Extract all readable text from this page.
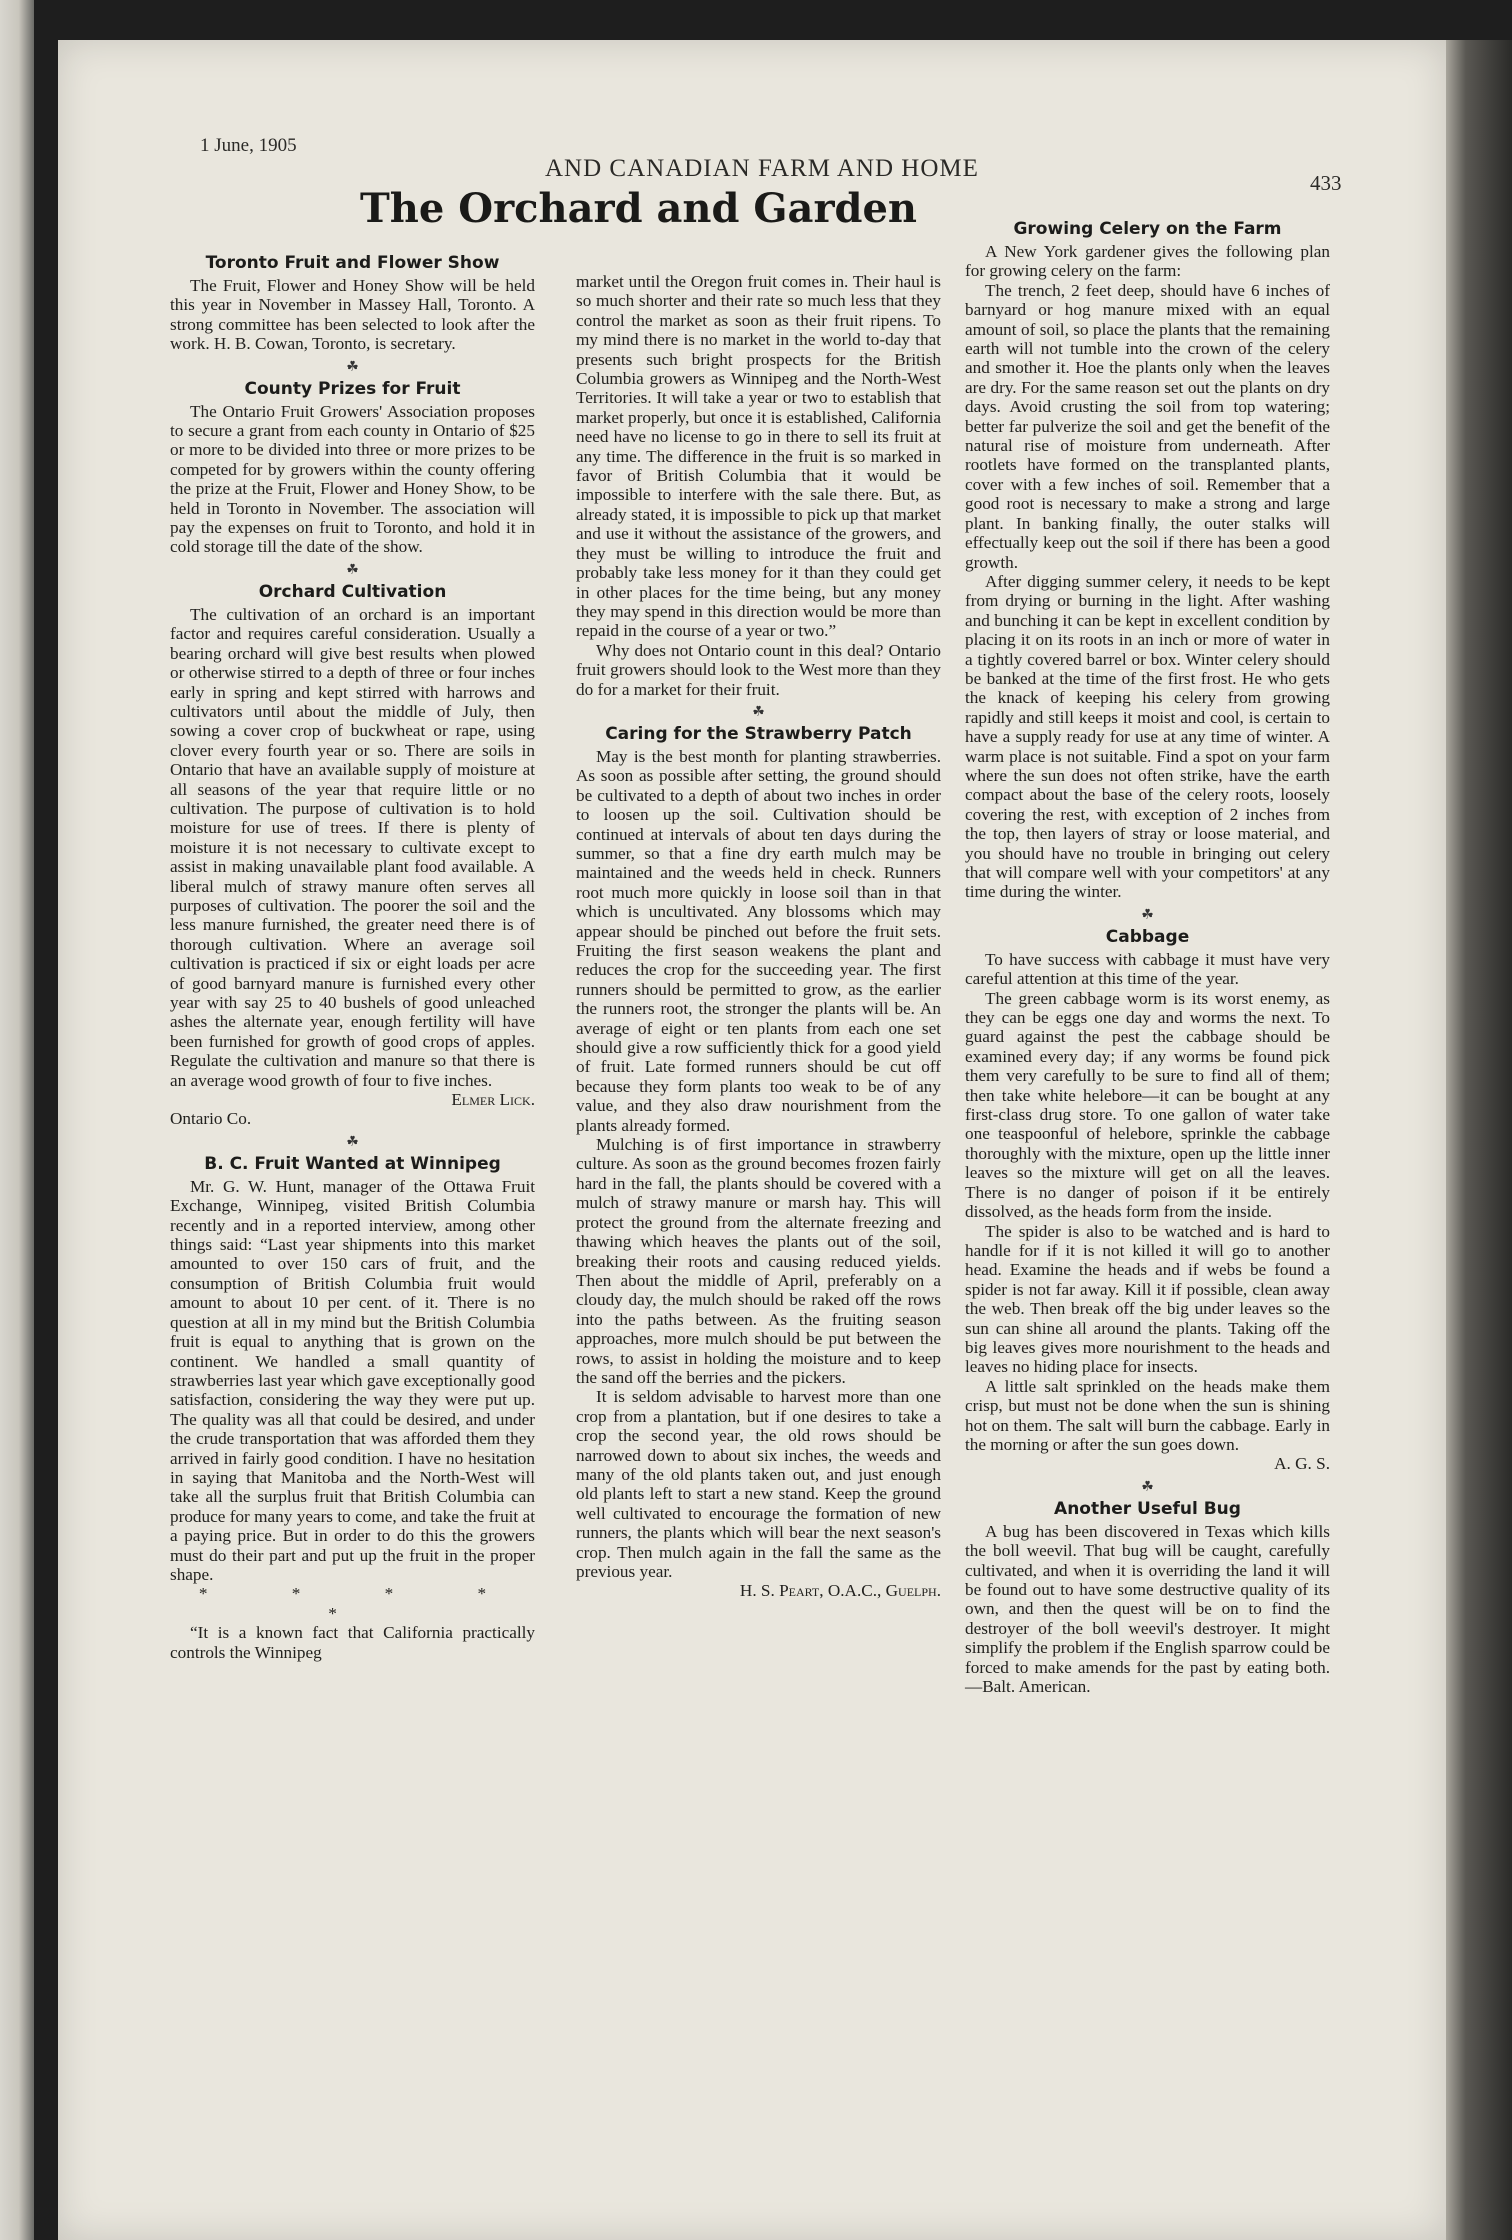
1 June, 1905
AND CANADIAN FARM AND HOME
433
The Orchard and Garden
Toronto Fruit and Flower Show

The Fruit, Flower and Honey Show will be held this year in November in Massey Hall, Toronto. A strong committee has been selected to look after the work. H. B. Cowan, Toronto, is secretary.

☘
County Prizes for Fruit

The Ontario Fruit Growers' Association proposes to secure a grant from each county in Ontario of $25 or more to be divided into three or more prizes to be competed for by growers within the county offering the prize at the Fruit, Flower and Honey Show, to be held in Toronto in November. The association will pay the expenses on fruit to Toronto, and hold it in cold storage till the date of the show.

☘
Orchard Cultivation

The cultivation of an orchard is an important factor and requires careful consideration. Usually a bearing orchard will give best results when plowed or otherwise stirred to a depth of three or four inches early in spring and kept stirred with harrows and cultivators until about the middle of July, then sowing a cover crop of buckwheat or rape, using clover every fourth year or so. There are soils in Ontario that have an available supply of moisture at all seasons of the year that require little or no cultivation. The purpose of cultivation is to hold moisture for use of trees. If there is plenty of moisture it is not necessary to cultivate except to assist in making unavailable plant food available. A liberal mulch of strawy manure often serves all purposes of cultivation. The poorer the soil and the less manure furnished, the greater need there is of thorough cultivation. Where an average soil cultivation is practiced if six or eight loads per acre of good barnyard manure is furnished every other year with say 25 to 40 bushels of good unleached ashes the alternate year, enough fertility will have been furnished for growth of good crops of apples. Regulate the cultivation and manure so that there is an average wood growth of four to five inches.

Elmer Lick.

Ontario Co.

☘
B. C. Fruit Wanted at Winnipeg

Mr. G. W. Hunt, manager of the Ottawa Fruit Exchange, Winnipeg, visited British Columbia recently and in a reported interview, among other things said: “Last year shipments into this market amounted to over 150 cars of fruit, and the consumption of British Columbia fruit would amount to about 10 per cent. of it. There is no question at all in my mind but the British Columbia fruit is equal to anything that is grown on the continent. We handled a small quantity of strawberries last year which gave exceptionally good satisfaction, considering the way they were put up. The quality was all that could be desired, and under the crude transportation that was afforded them they arrived in fairly good condition. I have no hesitation in saying that Manitoba and the North-West will take all the surplus fruit that British Columbia can produce for many years to come, and take the fruit at a paying price. But in order to do this the growers must do their part and put up the fruit in the proper shape.

* * * * *

“It is a known fact that California practically controls the Winnipeg

market until the Oregon fruit comes in. Their haul is so much shorter and their rate so much less that they control the market as soon as their fruit ripens. To my mind there is no market in the world to-day that presents such bright prospects for the British Columbia growers as Winnipeg and the North-West Territories. It will take a year or two to establish that market properly, but once it is established, California need have no license to go in there to sell its fruit at any time. The difference in the fruit is so marked in favor of British Columbia that it would be impossible to interfere with the sale there. But, as already stated, it is impossible to pick up that market and use it without the assistance of the growers, and they must be willing to introduce the fruit and probably take less money for it than they could get in other places for the time being, but any money they may spend in this direction would be more than repaid in the course of a year or two.”

Why does not Ontario count in this deal? Ontario fruit growers should look to the West more than they do for a market for their fruit.

☘
Caring for the Strawberry Patch

May is the best month for planting strawberries. As soon as possible after setting, the ground should be cultivated to a depth of about two inches in order to loosen up the soil. Cultivation should be continued at intervals of about ten days during the summer, so that a fine dry earth mulch may be maintained and the weeds held in check. Runners root much more quickly in loose soil than in that which is uncultivated. Any blossoms which may appear should be pinched out before the fruit sets. Fruiting the first season weakens the plant and reduces the crop for the succeeding year. The first runners should be permitted to grow, as the earlier the runners root, the stronger the plants will be. An average of eight or ten plants from each one set should give a row sufficiently thick for a good yield of fruit. Late formed runners should be cut off because they form plants too weak to be of any value, and they also draw nourishment from the plants already formed.

Mulching is of first importance in strawberry culture. As soon as the ground becomes frozen fairly hard in the fall, the plants should be covered with a mulch of strawy manure or marsh hay. This will protect the ground from the alternate freezing and thawing which heaves the plants out of the soil, breaking their roots and causing reduced yields. Then about the middle of April, preferably on a cloudy day, the mulch should be raked off the rows into the paths between. As the fruiting season approaches, more mulch should be put between the rows, to assist in holding the moisture and to keep the sand off the berries and the pickers.

It is seldom advisable to harvest more than one crop from a plantation, but if one desires to take a crop the second year, the old rows should be narrowed down to about six inches, the weeds and many of the old plants taken out, and just enough old plants left to start a new stand. Keep the ground well cultivated to encourage the formation of new runners, the plants which will bear the next season's crop. Then mulch again in the fall the same as the previous year.

H. S. Peart, O.A.C., Guelph.

Growing Celery on the Farm

A New York gardener gives the following plan for growing celery on the farm:

The trench, 2 feet deep, should have 6 inches of barnyard or hog manure mixed with an equal amount of soil, so place the plants that the remaining earth will not tumble into the crown of the celery and smother it. Hoe the plants only when the leaves are dry. For the same reason set out the plants on dry days. Avoid crusting the soil from top watering; better far pulverize the soil and get the benefit of the natural rise of moisture from underneath. After rootlets have formed on the transplanted plants, cover with a few inches of soil. Remember that a good root is necessary to make a strong and large plant. In banking finally, the outer stalks will effectually keep out the soil if there has been a good growth.

After digging summer celery, it needs to be kept from drying or burning in the light. After washing and bunching it can be kept in excellent condition by placing it on its roots in an inch or more of water in a tightly covered barrel or box. Winter celery should be banked at the time of the first frost. He who gets the knack of keeping his celery from growing rapidly and still keeps it moist and cool, is certain to have a supply ready for use at any time of winter. A warm place is not suitable. Find a spot on your farm where the sun does not often strike, have the earth compact about the base of the celery roots, loosely covering the rest, with exception of 2 inches from the top, then layers of stray or loose material, and you should have no trouble in bringing out celery that will compare well with your competitors' at any time during the winter.

☘
Cabbage

To have success with cabbage it must have very careful attention at this time of the year.

The green cabbage worm is its worst enemy, as they can be eggs one day and worms the next. To guard against the pest the cabbage should be examined every day; if any worms be found pick them very carefully to be sure to find all of them; then take white helebore—it can be bought at any first-class drug store. To one gallon of water take one teaspoonful of helebore, sprinkle the cabbage thoroughly with the mixture, open up the little inner leaves so the mixture will get on all the leaves. There is no danger of poison if it be entirely dissolved, as the heads form from the inside.

The spider is also to be watched and is hard to handle for if it is not killed it will go to another head. Examine the heads and if webs be found a spider is not far away. Kill it if possible, clean away the web. Then break off the big under leaves so the sun can shine all around the plants. Taking off the big leaves gives more nourishment to the heads and leaves no hiding place for insects.

A little salt sprinkled on the heads make them crisp, but must not be done when the sun is shining hot on them. The salt will burn the cabbage. Early in the morning or after the sun goes down.

A. G. S.

☘
Another Useful Bug

A bug has been discovered in Texas which kills the boll weevil. That bug will be caught, carefully cultivated, and when it is overriding the land it will be found out to have some destructive quality of its own, and then the quest will be on to find the destroyer of the boll weevil's destroyer. It might simplify the problem if the English sparrow could be forced to make amends for the past by eating both.—Balt. American.
